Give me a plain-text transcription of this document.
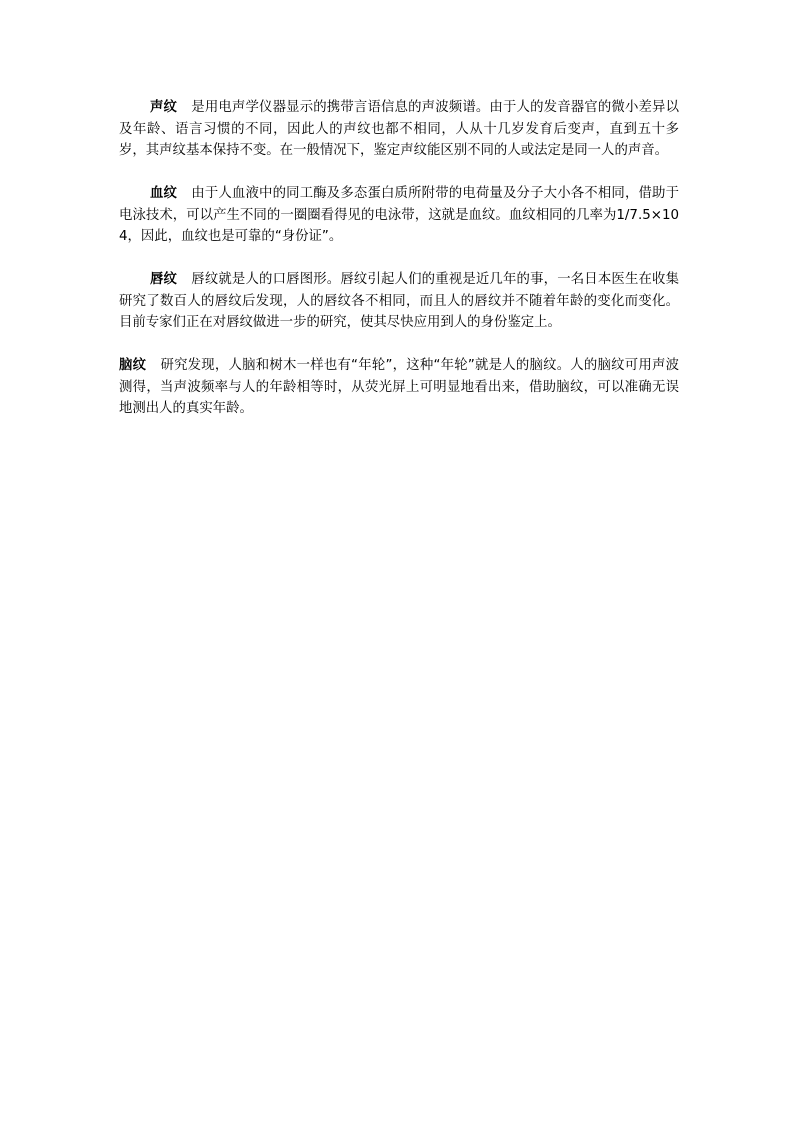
声纹 是用电声学仪器显示的携带言语信息的声波频谱。由于人的发音器官的微小差异以及年龄、语言习惯的不同，因此人的声纹也都不相同，人从十几岁发育后变声，直到五十多岁，其声纹基本保持不变。在一般情况下，鉴定声纹能区别不同的人或法定是同一人的声音。

血纹 由于人血液中的同工酶及多态蛋白质所附带的电荷量及分子大小各不相同，借助于电泳技术，可以产生不同的一圈圈看得见的电泳带，这就是血纹。血纹相同的几率为1/7.5×104，因此，血纹也是可靠的“身份证”。

唇纹 唇纹就是人的口唇图形。唇纹引起人们的重视是近几年的事，一名日本医生在收集研究了数百人的唇纹后发现，人的唇纹各不相同，而且人的唇纹并不随着年龄的变化而变化。目前专家们正在对唇纹做进一步的研究，使其尽快应用到人的身份鉴定上。

脑纹 研究发现，人脑和树木一样也有“年轮”，这种“年轮”就是人的脑纹。人的脑纹可用声波测得，当声波频率与人的年龄相等时，从荧光屏上可明显地看出来，借助脑纹，可以准确无误地测出人的真实年龄。
